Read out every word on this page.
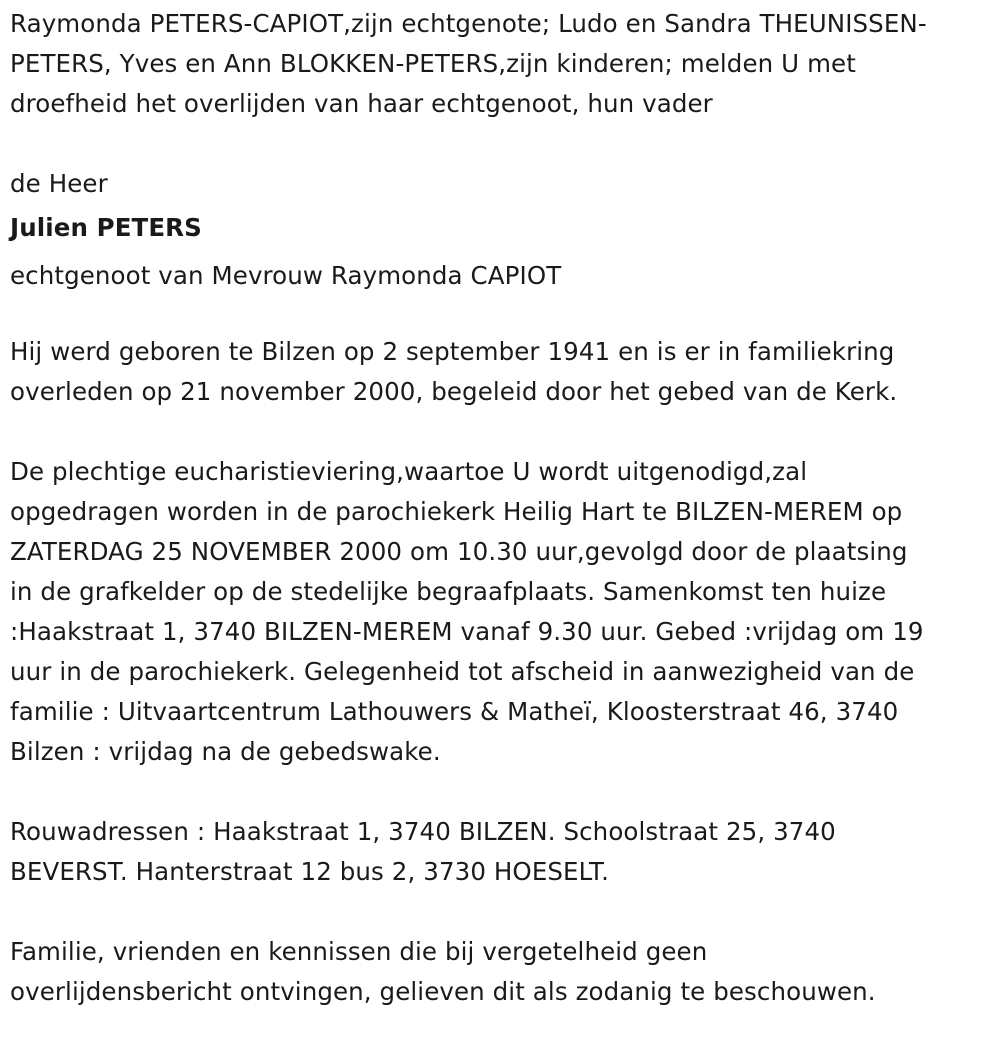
Raymonda PETERS-CAPIOT,zijn echtgenote; Ludo en Sandra THEUNISSEN-
PETERS, Yves en Ann BLOKKEN-PETERS,zijn kinderen; melden U met
droefheid het overlijden van haar echtgenoot, hun vader

de Heer

Julien PETERS

echtgenoot van Mevrouw Raymonda CAPIOT

Hij werd geboren te Bilzen op 2 september 1941 en is er in familiekring
overleden op 21 november 2000, begeleid door het gebed van de Kerk.

De plechtige eucharistieviering,waartoe U wordt uitgenodigd,zal
opgedragen worden in de parochiekerk Heilig Hart te BILZEN-MEREM op
ZATERDAG 25 NOVEMBER 2000 om 10.30 uur,gevolgd door de plaatsing
in de grafkelder op de stedelijke begraafplaats. Samenkomst ten huize
:Haakstraat 1, 3740 BILZEN-MEREM vanaf 9.30 uur. Gebed :vrijdag om 19
uur in de parochiekerk. Gelegenheid tot afscheid in aanwezigheid van de
familie : Uitvaartcentrum Lathouwers & Matheï, Kloosterstraat 46, 3740
Bilzen : vrijdag na de gebedswake.

Rouwadressen : Haakstraat 1, 3740 BILZEN. Schoolstraat 25, 3740
BEVERST. Hanterstraat 12 bus 2, 3730 HOESELT.

Familie, vrienden en kennissen die bij vergetelheid geen
overlijdensbericht ontvingen, gelieven dit als zodanig te beschouwen.
